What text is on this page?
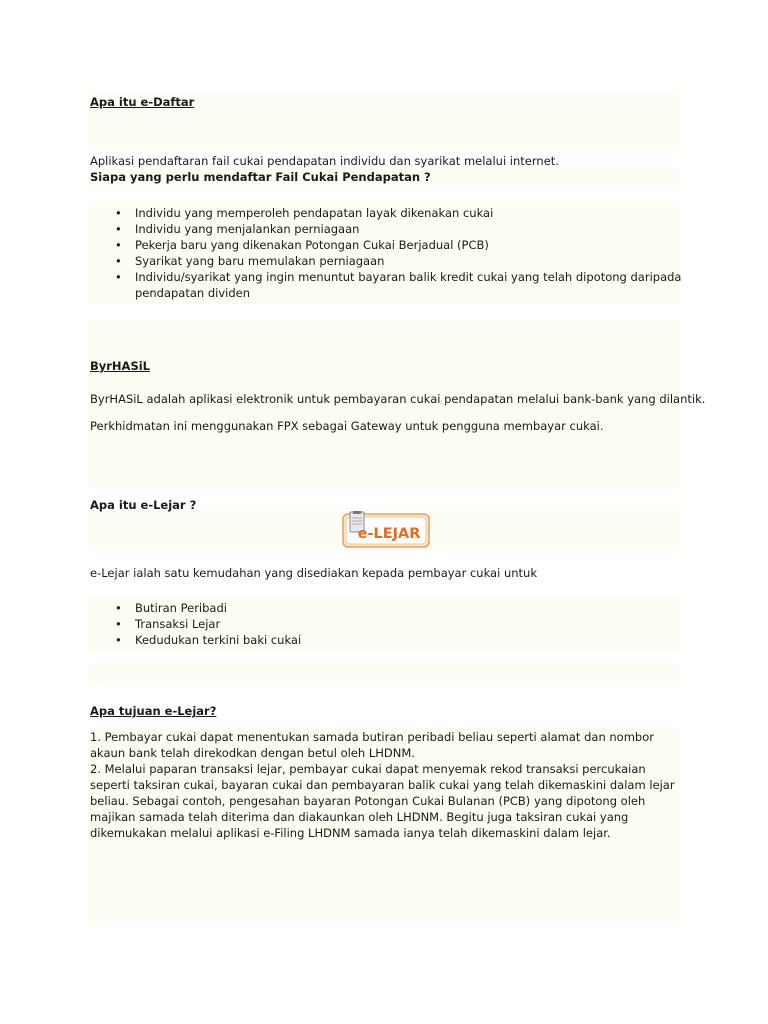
Apa itu e-Daftar
Aplikasi pendaftaran fail cukai pendapatan individu dan syarikat melalui internet.
Siapa yang perlu mendaftar Fail Cukai Pendapatan ?
• Individu yang memperoleh pendapatan layak dikenakan cukai
• Individu yang menjalankan perniagaan
• Pekerja baru yang dikenakan Potongan Cukai Berjadual (PCB)
• Syarikat yang baru memulakan perniagaan
• Individu/syarikat yang ingin menuntut bayaran balik kredit cukai yang telah dipotong daripada
pendapatan dividen
ByrHASiL
ByrHASiL adalah aplikasi elektronik untuk pembayaran cukai pendapatan melalui bank-bank yang dilantik.
Perkhidmatan ini menggunakan FPX sebagai Gateway untuk pengguna membayar cukai.
Apa itu e-Lejar ?
e-LEJAR
e-Lejar ialah satu kemudahan yang disediakan kepada pembayar cukai untuk
• Butiran Peribadi
• Transaksi Lejar
• Kedudukan terkini baki cukai
Apa tujuan e-Lejar?
1. Pembayar cukai dapat menentukan samada butiran peribadi beliau seperti alamat dan nombor akaun bank telah direkodkan dengan betul oleh LHDNM.
2. Melalui paparan transaksi lejar, pembayar cukai dapat menyemak rekod transaksi percukaian seperti taksiran cukai, bayaran cukai dan pembayaran balik cukai yang telah dikemaskini dalam lejar beliau. Sebagai contoh, pengesahan bayaran Potongan Cukai Bulanan (PCB) yang dipotong oleh majikan samada telah diterima dan diakaunkan oleh LHDNM. Begitu juga taksiran cukai yang dikemukakan melalui aplikasi e-Filing LHDNM samada ianya telah dikemaskini dalam lejar.
